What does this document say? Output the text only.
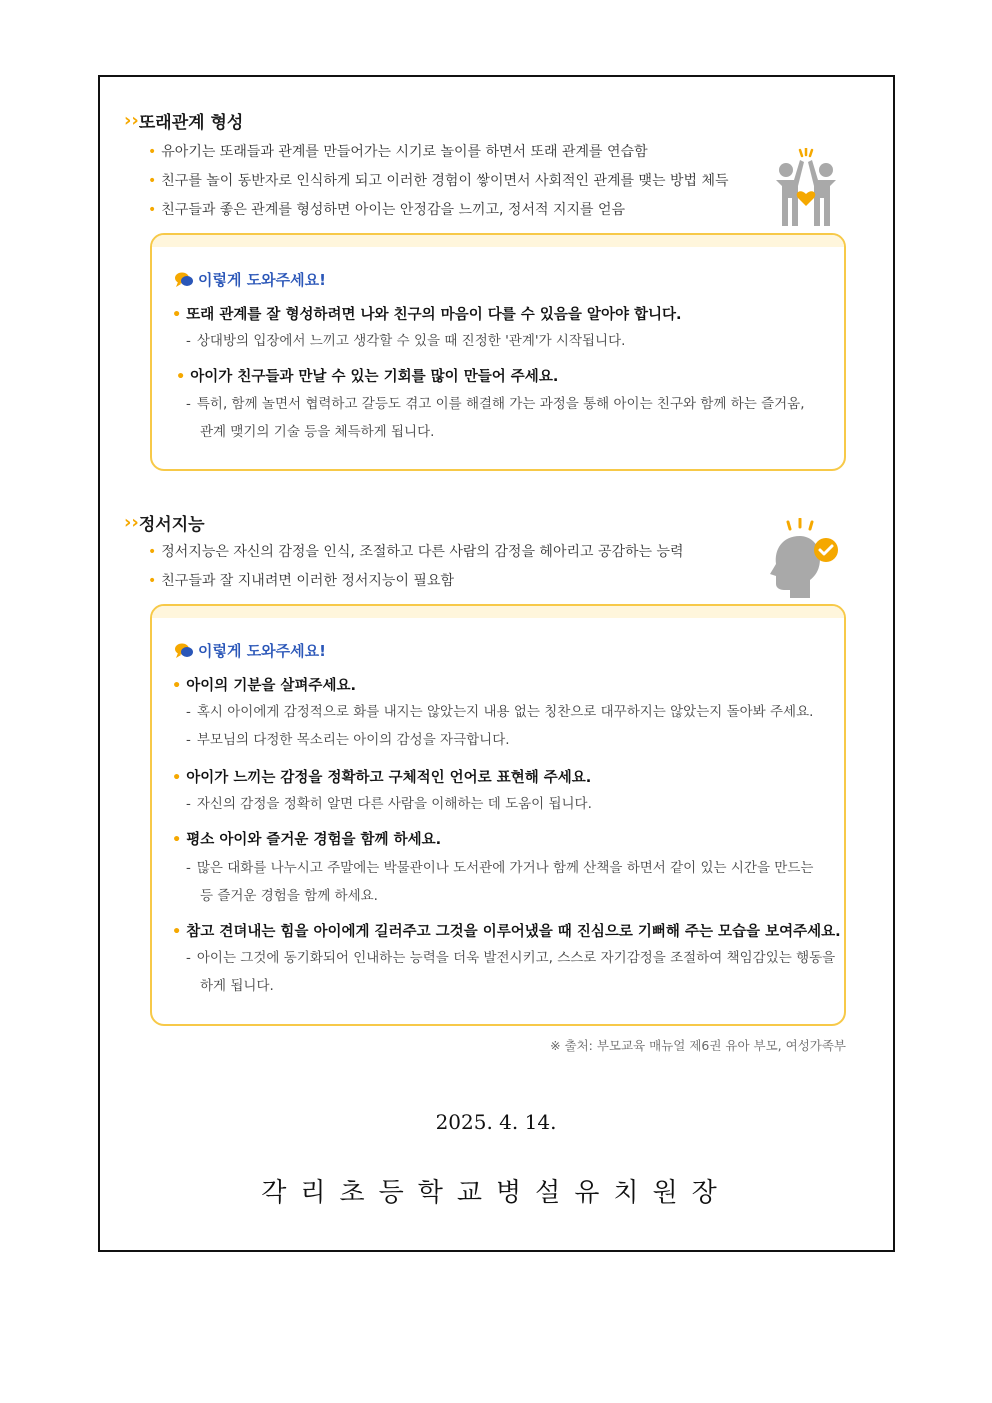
› › 또래관계 형성
• 유아기는 또래들과 관계를 만들어가는 시기로 놀이를 하면서 또래 관계를 연습함
• 친구를 놀이 동반자로 인식하게 되고 이러한 경험이 쌓이면서 사회적인 관계를 맺는 방법 체득
• 친구들과 좋은 관계를 형성하면 아이는 안정감을 느끼고, 정서적 지지를 얻음
이렇게 도와주세요!
• 또래 관계를 잘 형성하려면 나와 친구의 마음이 다를 수 있음을 알아야 합니다.
- 상대방의 입장에서 느끼고 생각할 수 있을 때 진정한 '관계'가 시작됩니다.
• 아이가 친구들과 만날 수 있는 기회를 많이 만들어 주세요.
- 특히, 함께 놀면서 협력하고 갈등도 겪고 이를 해결해 가는 과정을 통해 아이는 친구와 함께 하는 즐거움,
관계 맺기의 기술 등을 체득하게 됩니다.
› › 정서지능
• 정서지능은 자신의 감정을 인식, 조절하고 다른 사람의 감정을 헤아리고 공감하는 능력
• 친구들과 잘 지내려면 이러한 정서지능이 필요함
이렇게 도와주세요!
• 아이의 기분을 살펴주세요.
- 혹시 아이에게 감정적으로 화를 내지는 않았는지 내용 없는 칭찬으로 대꾸하지는 않았는지 돌아봐 주세요.
- 부모님의 다정한 목소리는 아이의 감성을 자극합니다.
• 아이가 느끼는 감정을 정확하고 구체적인 언어로 표현해 주세요.
- 자신의 감정을 정확히 알면 다른 사람을 이해하는 데 도움이 됩니다.
• 평소 아이와 즐거운 경험을 함께 하세요.
- 많은 대화를 나누시고 주말에는 박물관이나 도서관에 가거나 함께 산책을 하면서 같이 있는 시간을 만드는
등 즐거운 경험을 함께 하세요.
• 참고 견뎌내는 힘을 아이에게 길러주고 그것을 이루어냈을 때 진심으로 기뻐해 주는 모습을 보여주세요.
- 아이는 그것에 동기화되어 인내하는 능력을 더욱 발전시키고, 스스로 자기감정을 조절하여 책임감있는 행동을
하게 됩니다.
※ 출처: 부모교육 매뉴얼 제6권 유아 부모, 여성가족부
2025. 4. 14.
각리초등학교병설유치원장
